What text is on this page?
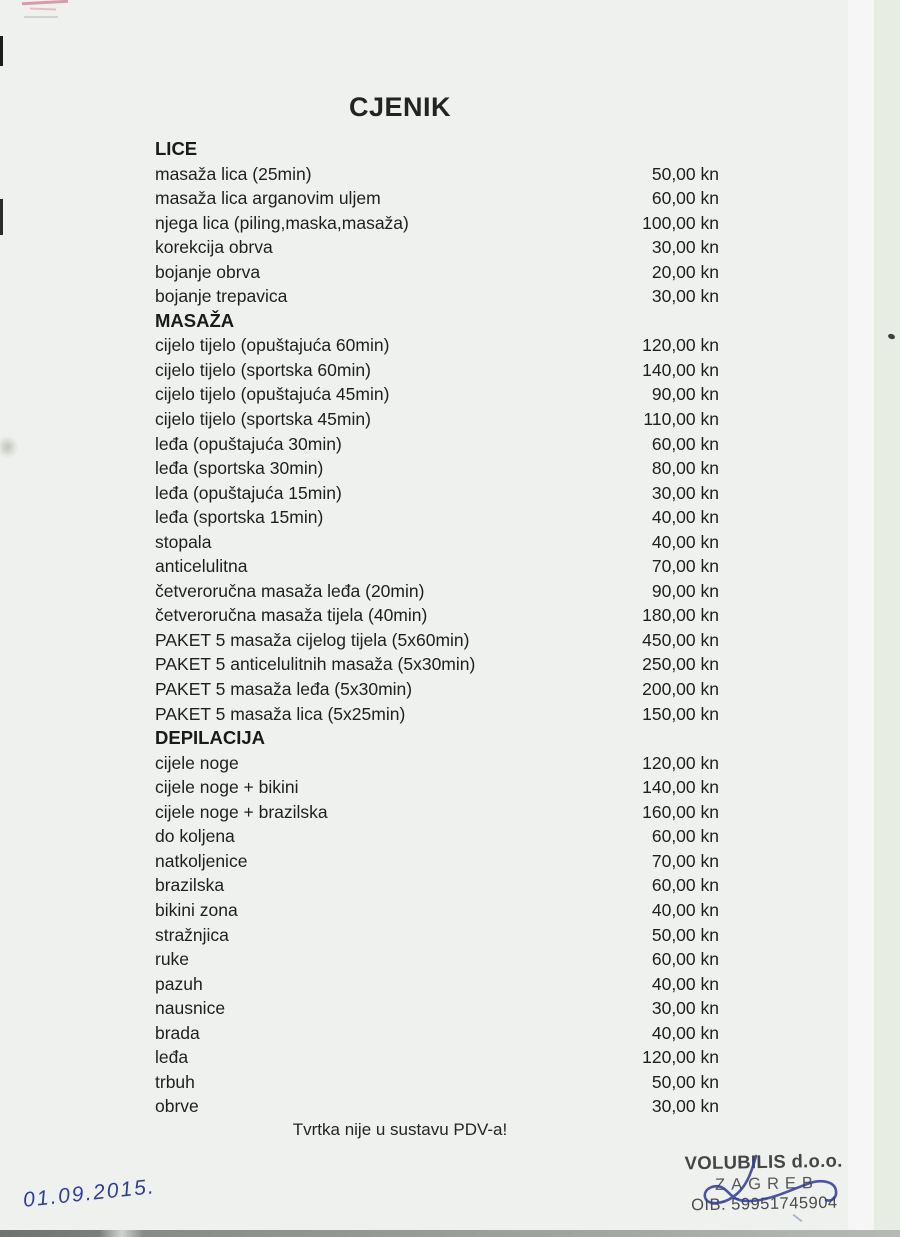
CJENIK
LICE
masaža lica (25min)	50,00 kn
masaža lica arganovim uljem	60,00 kn
njega lica (piling,maska,masaža)	100,00 kn
korekcija obrva	30,00 kn
bojanje obrva	20,00 kn
bojanje trepavica	30,00 kn
MASAŽA
cijelo tijelo (opuštajuća 60min)	120,00 kn
cijelo tijelo (sportska 60min)	140,00 kn
cijelo tijelo (opuštajuća 45min)	90,00 kn
cijelo tijelo (sportska 45min)	110,00 kn
leđa (opuštajuća 30min)	60,00 kn
leđa (sportska 30min)	80,00 kn
leđa (opuštajuća 15min)	30,00 kn
leđa (sportska 15min)	40,00 kn
stopala	40,00 kn
anticelulitna	70,00 kn
četveroručna masaža leđa (20min)	90,00 kn
četveroručna masaža tijela (40min)	180,00 kn
PAKET 5 masaža cijelog tijela (5x60min)	450,00 kn
PAKET 5 anticelulitnih masaža (5x30min)	250,00 kn
PAKET 5 masaža leđa (5x30min)	200,00 kn
PAKET 5 masaža lica (5x25min)	150,00 kn
DEPILACIJA
cijele noge	120,00 kn
cijele noge + bikini	140,00 kn
cijele noge + brazilska	160,00 kn
do koljena	60,00 kn
natkoljenice	70,00 kn
brazilska	60,00 kn
bikini zona	40,00 kn
stražnjica	50,00 kn
ruke	60,00 kn
pazuh	40,00 kn
nausnice	30,00 kn
brada	40,00 kn
leđa	120,00 kn
trbuh	50,00 kn
obrve	30,00 kn
Tvrtka nije u sustavu PDV-a!
VOLUBILIS d.o.o.
ZAGREB
OIB: 59951745904
01.09.2015.
